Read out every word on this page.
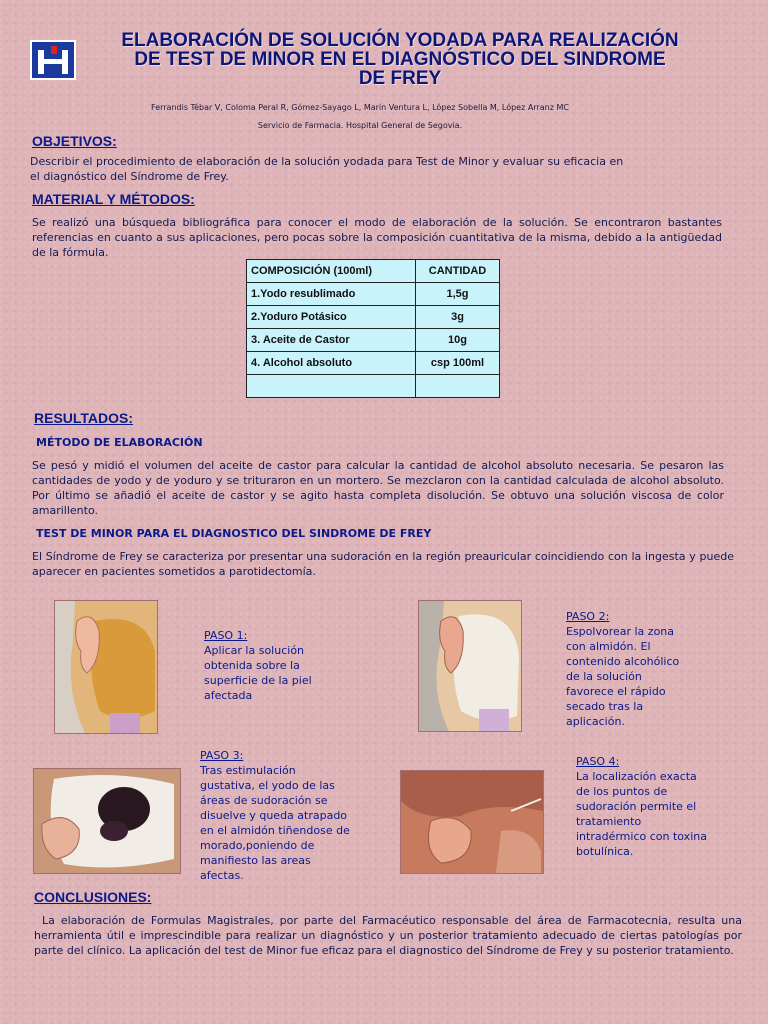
ELABORACIÓN DE SOLUCIÓN YODADA PARA REALIZACIÓN
DE TEST DE MINOR EN EL DIAGNÓSTICO DEL SINDROME
DE FREY
Ferrandis Tébar V, Coloma Peral R, Gómez-Sayago L, Marín Ventura L, López Sobella M, López Arranz MC
Servicio de Farmacia. Hospital General de Segovia.
OBJETIVOS:
Describir el procedimiento de elaboración de la solución yodada para Test de Minor y evaluar su eficacia en
el diagnóstico del Síndrome de Frey.
MATERIAL Y MÉTODOS:
Se realizó una búsqueda bibliográfica para conocer el modo de elaboración de la solución. Se encontraron bastantes referencias en cuanto a sus aplicaciones, pero pocas sobre la composición cuantitativa de la misma, debido a la antigüedad de la fórmula.
COMPOSICIÓN (100ml)	CANTIDAD
1.Yodo resublimado	1,5g
2.Yoduro Potásico	3g
3. Aceite de Castor	10g
4. Alcohol absoluto	csp 100ml

RESULTADOS:
MÉTODO DE ELABORACIÓN
Se pesó y midió el volumen del aceite de castor para calcular la cantidad de alcohol absoluto necesaria. Se pesaron las cantidades de yodo y de yoduro y se trituraron en un mortero. Se mezclaron con la cantidad calculada de alcohol absoluto. Por último se añadió el aceite de castor y se agito hasta completa disolución. Se obtuvo una solución viscosa de color amarillento.
TEST DE MINOR PARA EL DIAGNOSTICO DEL SINDROME DE FREY
El Síndrome de Frey se caracteriza por presentar una sudoración en la región preauricular coincidiendo con la ingesta y puede aparecer en pacientes sometidos a parotidectomía.
PASO 1:
Aplicar la solución
obtenida sobre la
superficie de la piel
afectada
PASO 2:
Espolvorear la zona
con almidón. El
contenido alcohólico
de la solución
favorece el rápido
secado tras la
aplicación.
PASO 3:
Tras estimulación
gustativa, el yodo de las
áreas de sudoración se
disuelve y queda atrapado
en el almidón tiñendose de
morado,poniendo de
manifiesto las areas
afectas.
PASO 4:
La localización exacta
de los puntos de
sudoración permite el
tratamiento
intradérmico con toxina
botulínica.
CONCLUSIONES:
La elaboración de Formulas Magistrales, por parte del Farmacéutico responsable del área de Farmacotecnia, resulta una herramienta útil e imprescindible para realizar un diagnóstico y un posterior tratamiento adecuado de ciertas patologías por parte del clínico. La aplicación del test de Minor fue eficaz para el diagnostico del Síndrome de Frey y su posterior tratamiento.
